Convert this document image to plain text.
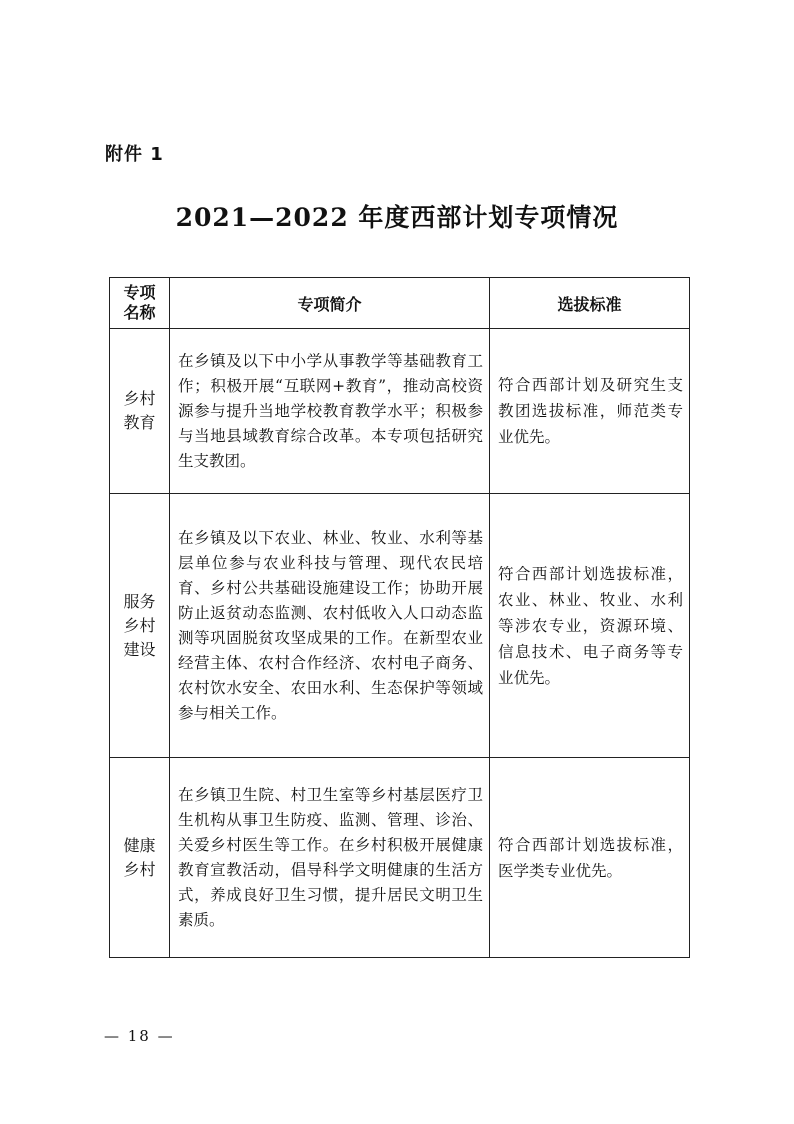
附件 1
2021—2022 年度西部计划专项情况
专项
名称	专项简介	选拔标准
乡村
教育	在乡镇及以下中小学从事教学等基础教育工作；积极开展“互联网+教育”，推动高校资源参与提升当地学校教育教学水平；积极参与当地县域教育综合改革。本专项包括研究生支教团。	符合西部计划及研究生支教团选拔标准，师范类专业优先。
服务
乡村
建设	在乡镇及以下农业、林业、牧业、水利等基层单位参与农业科技与管理、现代农民培育、乡村公共基础设施建设工作；协助开展防止返贫动态监测、农村低收入人口动态监测等巩固脱贫攻坚成果的工作。在新型农业经营主体、农村合作经济、农村电子商务、农村饮水安全、农田水利、生态保护等领域参与相关工作。	符合西部计划选拔标准，农业、林业、牧业、水利等涉农专业，资源环境、信息技术、电子商务等专业优先。
健康
乡村	在乡镇卫生院、村卫生室等乡村基层医疗卫生机构从事卫生防疫、监测、管理、诊治、关爱乡村医生等工作。在乡村积极开展健康教育宣教活动，倡导科学文明健康的生活方式，养成良好卫生习惯，提升居民文明卫生素质。	符合西部计划选拔标准，医学类专业优先。
— 18 —
